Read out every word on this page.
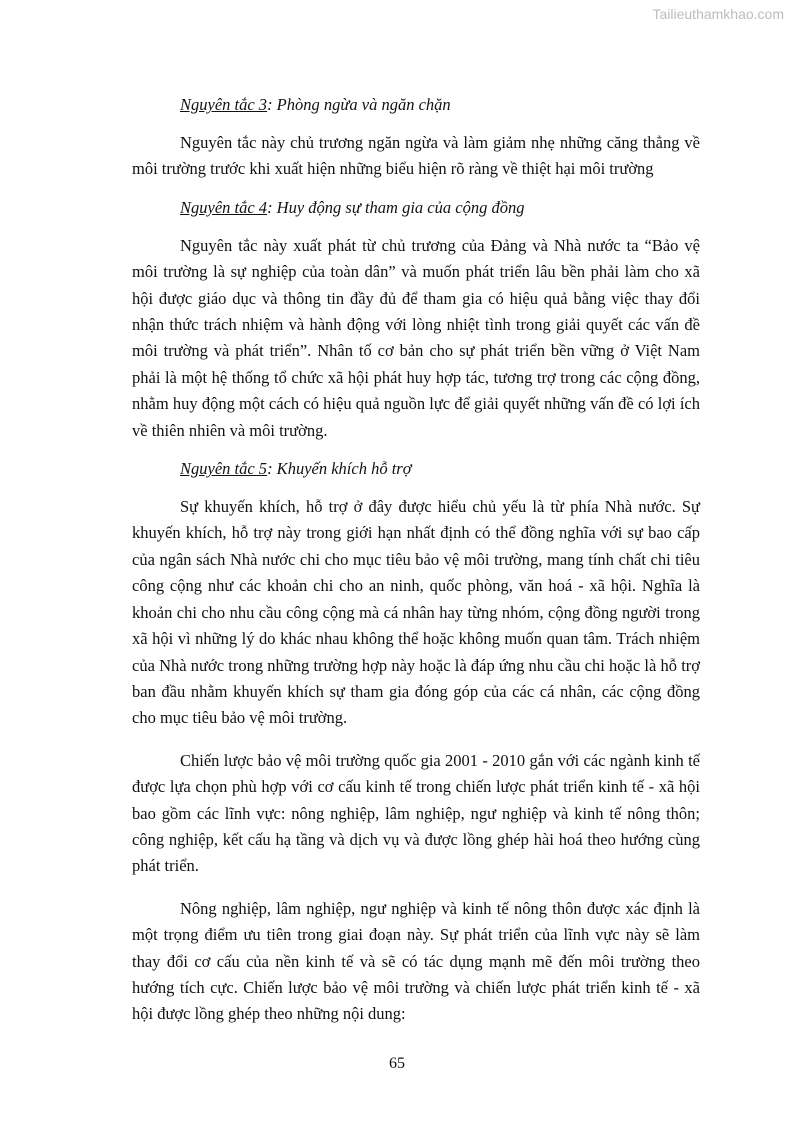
Tailieuthamkhao.com

Nguyên tắc 3: Phòng ngừa và ngăn chặn

Nguyên tắc này chủ trương ngăn ngừa và làm giảm nhẹ những căng thẳng về môi trường trước khi xuất hiện những biểu hiện rõ ràng về thiệt hại môi trường

Nguyên tắc 4: Huy động sự tham gia của cộng đồng

Nguyên tắc này xuất phát từ chủ trương của Đảng và Nhà nước ta “Bảo vệ môi trường là sự nghiệp của toàn dân” và muốn phát triển lâu bền phải làm cho xã hội được giáo dục và thông tin đầy đủ để tham gia có hiệu quả bằng việc thay đổi nhận thức trách nhiệm và hành động với lòng nhiệt tình trong giải quyết các vấn đề môi trường và phát triển”. Nhân tố cơ bản cho sự phát triển bền vững ở Việt Nam phải là một hệ thống tổ chức xã hội phát huy hợp tác, tương trợ trong các cộng đồng, nhằm huy động một cách có hiệu quả nguồn lực để giải quyết những vấn đề có lợi ích về thiên nhiên và môi trường.

Nguyên tắc 5: Khuyến khích hỗ trợ

Sự khuyến khích, hỗ trợ ở đây được hiểu chủ yếu là từ phía Nhà nước. Sự khuyến khích, hỗ trợ này trong giới hạn nhất định có thể đồng nghĩa với sự bao cấp của ngân sách Nhà nước chi cho mục tiêu bảo vệ môi trường, mang tính chất chi tiêu công cộng như các khoản chi cho an ninh, quốc phòng, văn hoá - xã hội. Nghĩa là khoản chi cho nhu cầu công cộng mà cá nhân hay từng nhóm, cộng đồng người trong xã hội vì những lý do khác nhau không thể hoặc không muốn quan tâm. Trách nhiệm của Nhà nước trong những trường hợp này hoặc là đáp ứng nhu cầu chi hoặc là hỗ trợ ban đầu nhằm khuyến khích sự tham gia đóng góp của các cá nhân, các cộng đồng cho mục tiêu bảo vệ môi trường.

Chiến lược bảo vệ môi trường quốc gia 2001 - 2010 gắn với các ngành kinh tế được lựa chọn phù hợp với cơ cấu kinh tế trong chiến lược phát triển kinh tế - xã hội bao gồm các lĩnh vực: nông nghiệp, lâm nghiệp, ngư nghiệp và kinh tế nông thôn; công nghiệp, kết cấu hạ tầng và dịch vụ và được lồng ghép hài hoá theo hướng cùng phát triển.

Nông nghiệp, lâm nghiệp, ngư nghiệp và kinh tế nông thôn được xác định là một trọng điểm ưu tiên trong giai đoạn này. Sự phát triển của lĩnh vực này sẽ làm thay đổi cơ cấu của nền kinh tế và sẽ có tác dụng mạnh mẽ đến môi trường theo hướng tích cực. Chiến lược bảo vệ môi trường và chiến lược phát triển kinh tế - xã hội được lồng ghép theo những nội dung:

65
